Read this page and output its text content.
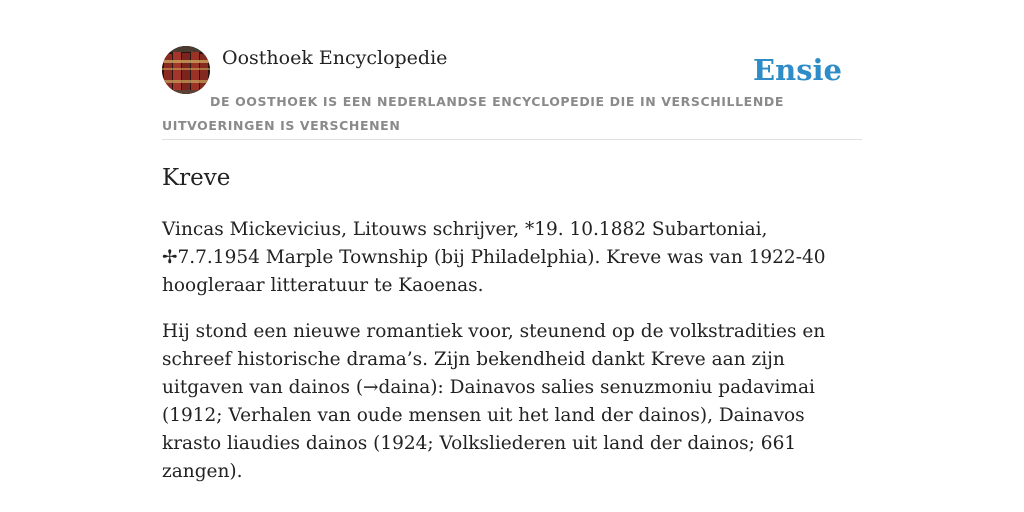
Oosthoek Encyclopedie	Ensie
DE OOSTHOEK IS EEN NEDERLANDSE ENCYCLOPEDIE DIE IN VERSCHILLENDE UITVOERINGEN IS VERSCHENEN
Kreve

Vincas Mickevicius, Litouws schrijver, *19. 10.1882 Subartoniai, ✢7.7.1954 Marple Township (bij Philadelphia). Kreve was van 1922-40 hoogleraar litteratuur te Kaoenas.

Hij stond een nieuwe romantiek voor, steunend op de volkstradities en schreef historische drama’s. Zijn bekendheid dankt Kreve aan zijn uitgaven van dainos (→daina): Dainavos salies senuzmoniu padavimai (1912; Verhalen van oude mensen uit het land der dainos), Dainavos krasto liaudies dainos (1924; Volksliederen uit land der dainos; 661 zangen).
